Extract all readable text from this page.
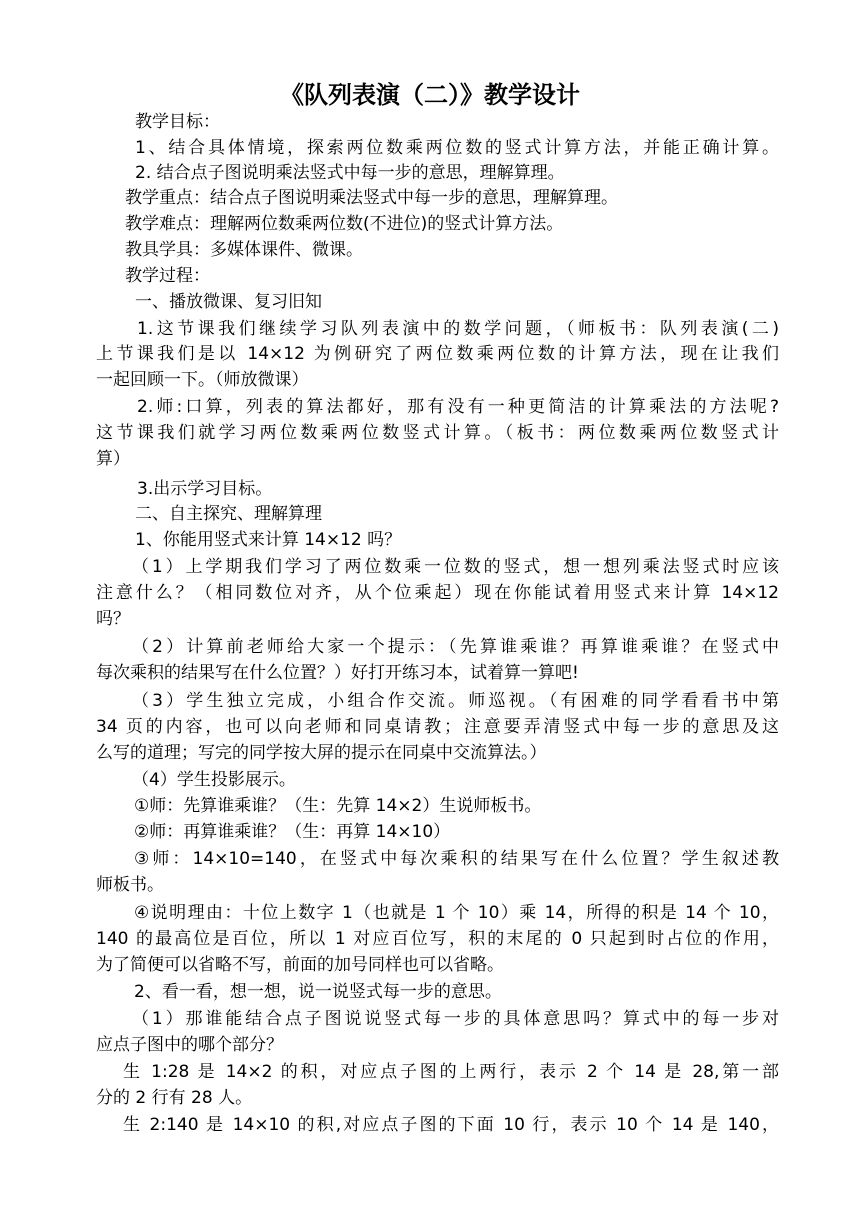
《队列表演（二）》教学设计
教学目标：
1、结合具体情境，探索两位数乘两位数的竖式计算方法，并能正确计算。
2. 结合点子图说明乘法竖式中每一步的意思，理解算理。
教学重点：结合点子图说明乘法竖式中每一步的意思，理解算理。
教学难点：理解两位数乘两位数(不进位)的竖式计算方法。
教具学具：多媒体课件、微课。
教学过程：
一、播放微课、复习旧知
1.这节课我们继续学习队列表演中的数学问题，（师板书：队列表演(二)
上节课我们是以 14×12 为例研究了两位数乘两位数的计算方法，现在让我们
一起回顾一下。（师放微课）
2.师:口算，列表的算法都好，那有没有一种更简洁的计算乘法的方法呢?
这节课我们就学习两位数乘两位数竖式计算。（板书：两位数乘两位数竖式计
算）
3.出示学习目标。
二、自主探究、理解算理
1、你能用竖式来计算 14×12 吗？
（1）上学期我们学习了两位数乘一位数的竖式，想一想列乘法竖式时应该
注意什么？（相同数位对齐，从个位乘起）现在你能试着用竖式来计算 14×12
吗？
（2）计算前老师给大家一个提示：（先算谁乘谁？再算谁乘谁？在竖式中
每次乘积的结果写在什么位置？）好打开练习本，试着算一算吧!
（3）学生独立完成，小组合作交流。师巡视。（有困难的同学看看书中第
34 页的内容，也可以向老师和同桌请教；注意要弄清竖式中每一步的意思及这
么写的道理；写完的同学按大屏的提示在同桌中交流算法。）
（4）学生投影展示。
①师：先算谁乘谁？（生：先算 14×2）生说师板书。
②师：再算谁乘谁？（生：再算 14×10）
③师：14×10=140，在竖式中每次乘积的结果写在什么位置？学生叙述教
师板书。
④说明理由：十位上数字 1（也就是 1 个 10）乘 14，所得的积是 14 个 10，
140 的最高位是百位，所以 1 对应百位写，积的末尾的 0 只起到时占位的作用，
为了简便可以省略不写，前面的加号同样也可以省略。
2、看一看，想一想，说一说竖式每一步的意思。
（1）那谁能结合点子图说说竖式每一步的具体意思吗？算式中的每一步对
应点子图中的哪个部分？
生 1:28 是 14×2 的积，对应点子图的上两行，表示 2 个 14 是 28,第一部
分的 2 行有 28 人。
生 2:140 是 14×10 的积,对应点子图的下面 10 行，表示 10 个 14 是 140，
